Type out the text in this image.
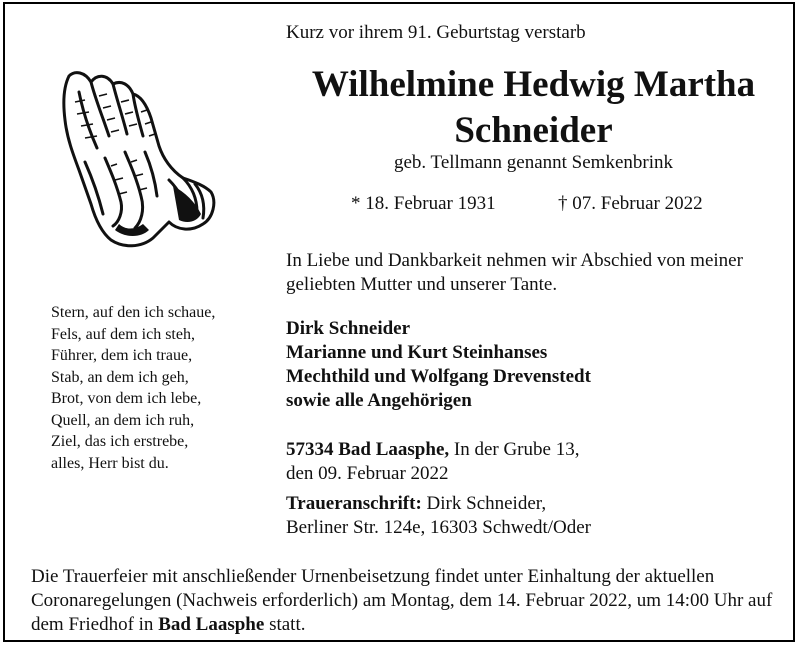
Kurz vor ihrem 91. Geburtstag verstarb
Wilhelmine Hedwig Martha
Schneider
geb. Tellmann genannt Semkenbrink
* 18. Februar 1931	† 07. Februar 2022
In Liebe und Dankbarkeit nehmen wir Abschied von meiner geliebten Mutter und unserer Tante.
Dirk Schneider
Marianne und Kurt Steinhanses
Mechthild und Wolfgang Drevenstedt
sowie alle Angehörigen
57334 Bad Laasphe, In der Grube 13,
den 09. Februar 2022
Traueranschrift: Dirk Schneider,
Berliner Str. 124e, 16303 Schwedt/Oder
Stern, auf den ich schaue,
Fels, auf dem ich steh,
Führer, dem ich traue,
Stab, an dem ich geh,
Brot, von dem ich lebe,
Quell, an dem ich ruh,
Ziel, das ich erstrebe,
alles, Herr bist du.
Die Trauerfeier mit anschließender Urnenbeisetzung findet unter Einhaltung der aktuellen Coronaregelungen (Nachweis erforderlich) am Montag, dem 14. Februar 2022, um 14:00 Uhr auf dem Friedhof in Bad Laasphe statt.
